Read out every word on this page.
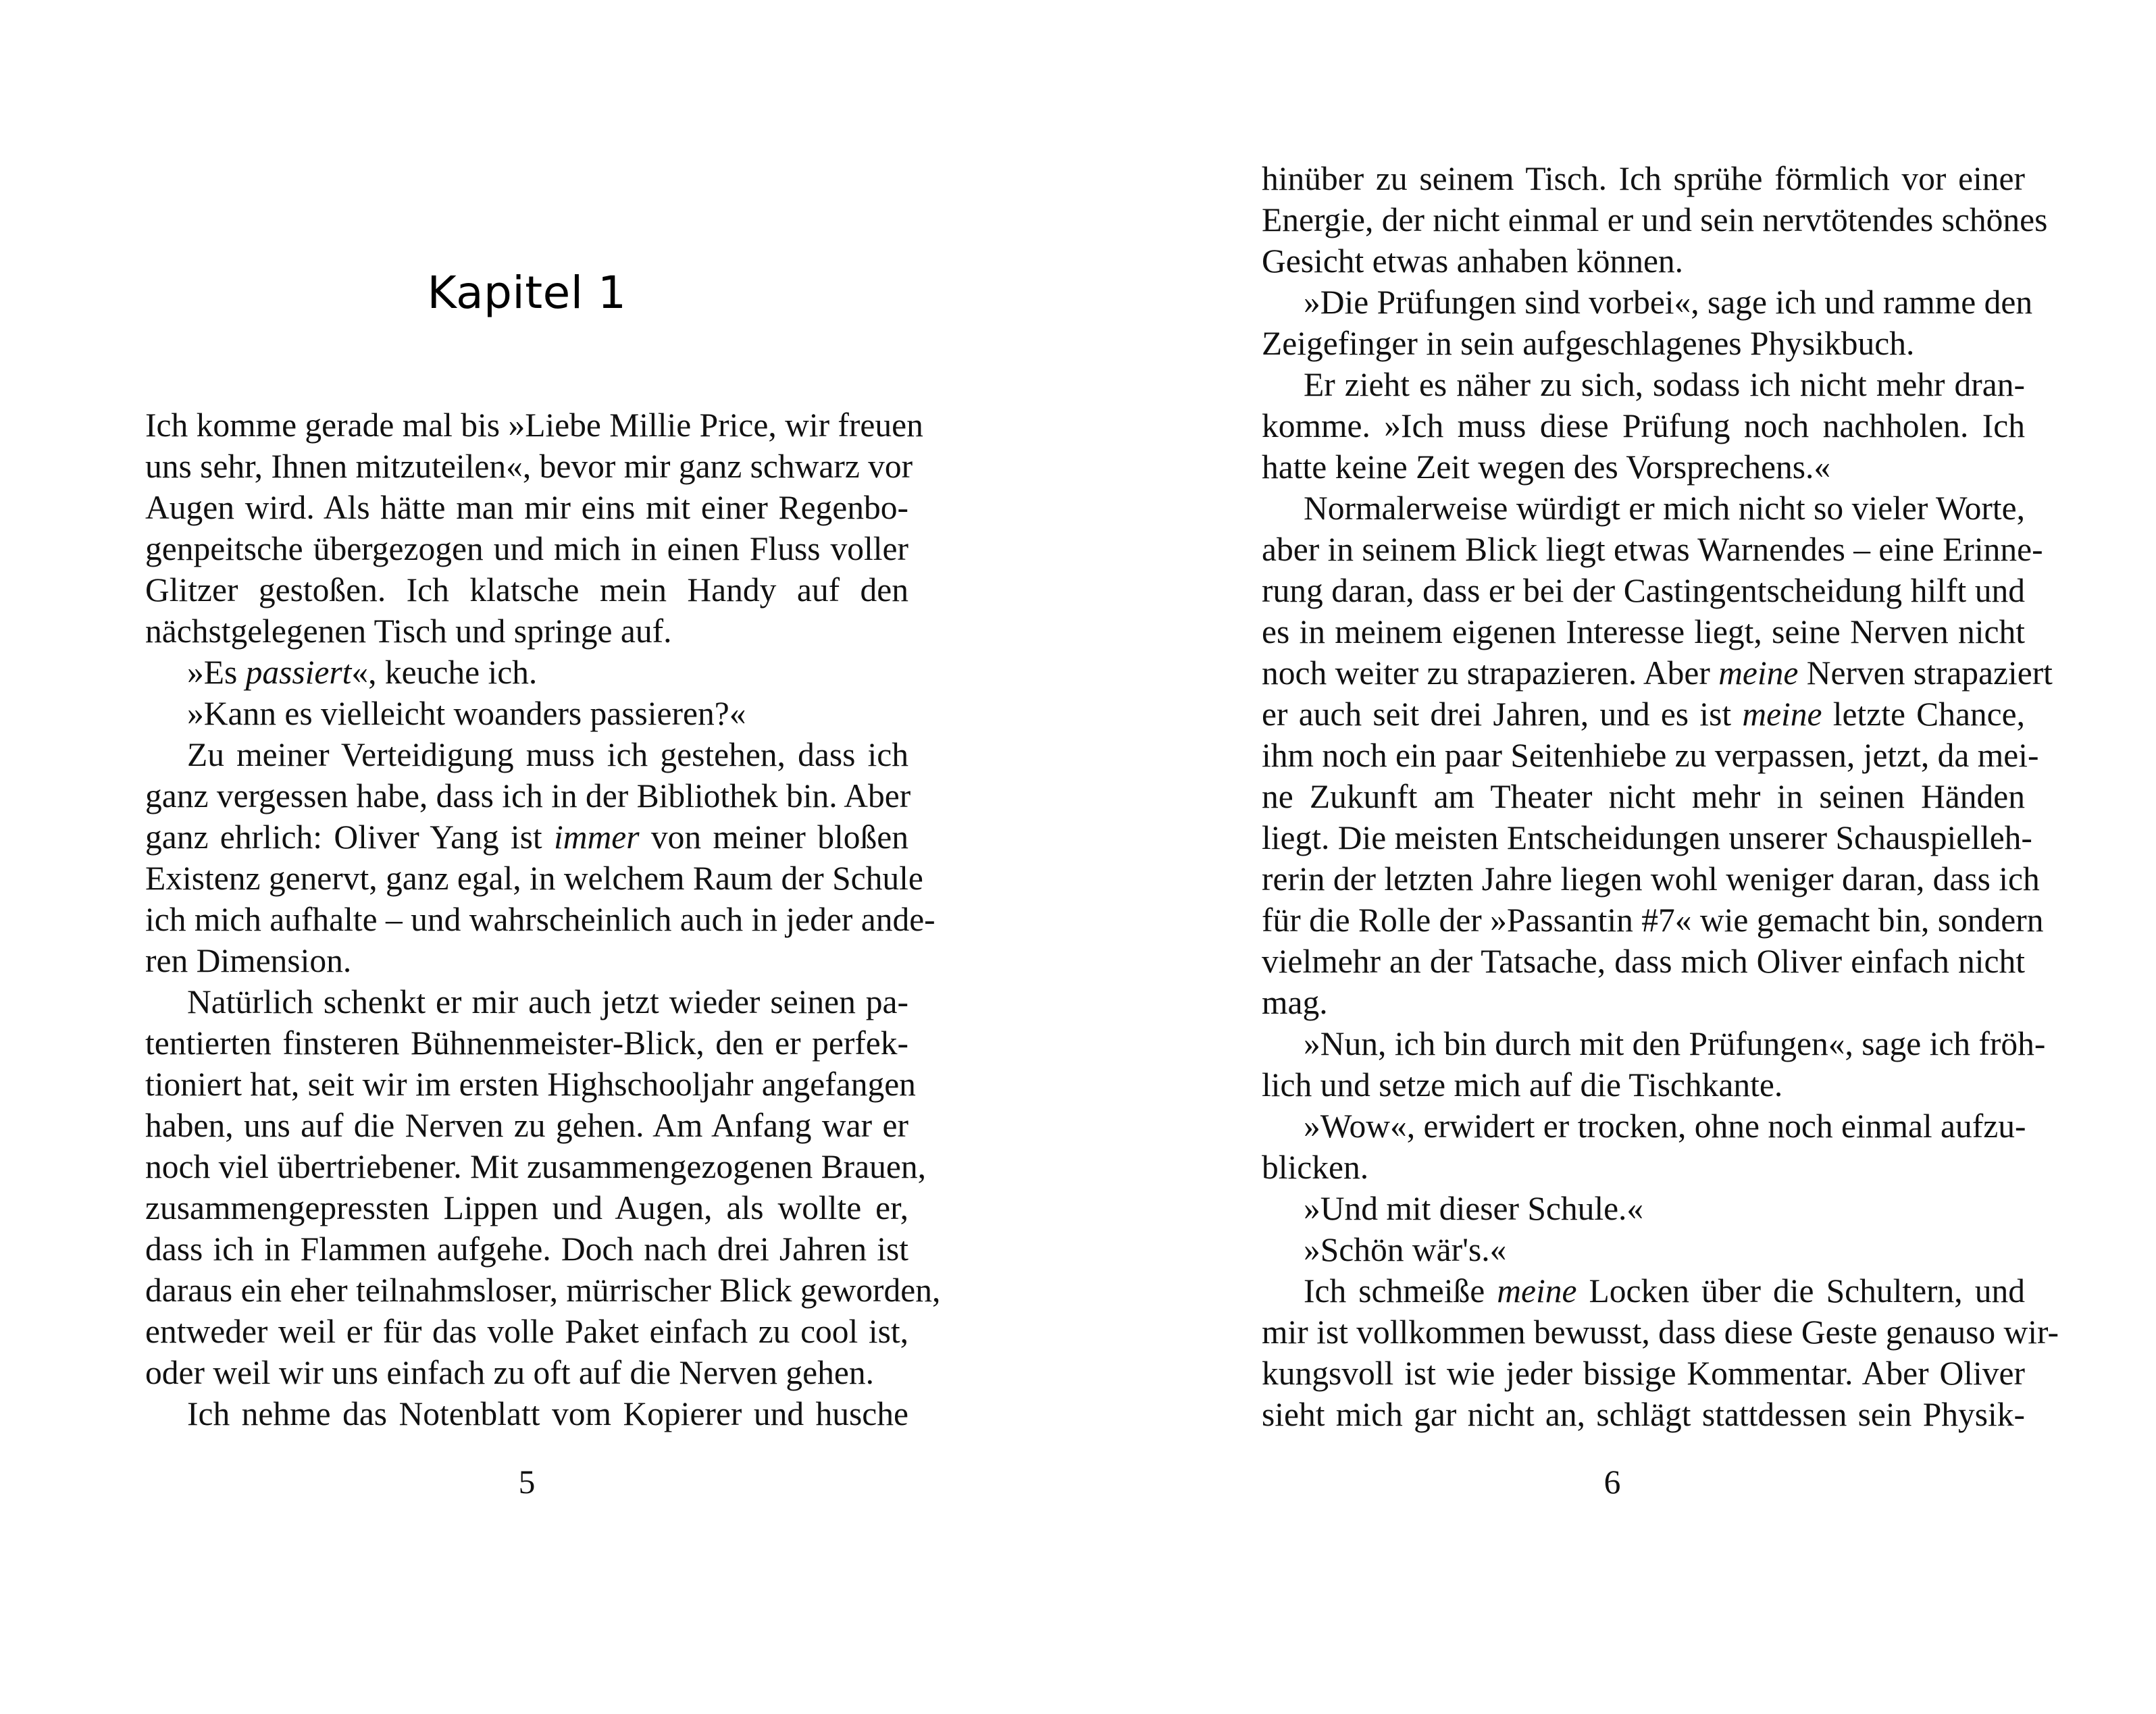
Kapitel 1
Ich komme gerade mal bis »Liebe Millie Price, wir freuen
uns sehr, Ihnen mitzuteilen«, bevor mir ganz schwarz vor
Augen wird. Als hätte man mir eins mit einer Regenbo-
genpeitsche übergezogen und mich in einen Fluss voller
Glitzer gestoßen. Ich klatsche mein Handy auf den
nächstgelegenen Tisch und springe auf.
»Es passiert«, keuche ich.
»Kann es vielleicht woanders passieren?«
Zu meiner Verteidigung muss ich gestehen, dass ich
ganz vergessen habe, dass ich in der Bibliothek bin. Aber
ganz ehrlich: Oliver Yang ist immer von meiner bloßen
Existenz genervt, ganz egal, in welchem Raum der Schule
ich mich aufhalte – und wahrscheinlich auch in jeder ande-
ren Dimension.
Natürlich schenkt er mir auch jetzt wieder seinen pa-
tentierten finsteren Bühnenmeister-Blick, den er perfek-
tioniert hat, seit wir im ersten Highschooljahr angefangen
haben, uns auf die Nerven zu gehen. Am Anfang war er
noch viel übertriebener. Mit zusammengezogenen Brauen,
zusammengepressten Lippen und Augen, als wollte er,
dass ich in Flammen aufgehe. Doch nach drei Jahren ist
daraus ein eher teilnahmsloser, mürrischer Blick geworden,
entweder weil er für das volle Paket einfach zu cool ist,
oder weil wir uns einfach zu oft auf die Nerven gehen.
Ich nehme das Notenblatt vom Kopierer und husche
5
hinüber zu seinem Tisch. Ich sprühe förmlich vor einer
Energie, der nicht einmal er und sein nervtötendes schönes
Gesicht etwas anhaben können.
»Die Prüfungen sind vorbei«, sage ich und ramme den
Zeigefinger in sein aufgeschlagenes Physikbuch.
Er zieht es näher zu sich, sodass ich nicht mehr dran-
komme. »Ich muss diese Prüfung noch nachholen. Ich
hatte keine Zeit wegen des Vorsprechens.«
Normalerweise würdigt er mich nicht so vieler Worte,
aber in seinem Blick liegt etwas Warnendes – eine Erinne-
rung daran, dass er bei der Castingentscheidung hilft und
es in meinem eigenen Interesse liegt, seine Nerven nicht
noch weiter zu strapazieren. Aber meine Nerven strapaziert
er auch seit drei Jahren, und es ist meine letzte Chance,
ihm noch ein paar Seitenhiebe zu verpassen, jetzt, da mei-
ne Zukunft am Theater nicht mehr in seinen Händen
liegt. Die meisten Entscheidungen unserer Schauspielleh-
rerin der letzten Jahre liegen wohl weniger daran, dass ich
für die Rolle der »Passantin #7« wie gemacht bin, sondern
vielmehr an der Tatsache, dass mich Oliver einfach nicht
mag.
»Nun, ich bin durch mit den Prüfungen«, sage ich fröh-
lich und setze mich auf die Tischkante.
»Wow«, erwidert er trocken, ohne noch einmal aufzu-
blicken.
»Und mit dieser Schule.«
»Schön wär's.«
Ich schmeiße meine Locken über die Schultern, und
mir ist vollkommen bewusst, dass diese Geste genauso wir-
kungsvoll ist wie jeder bissige Kommentar. Aber Oliver
sieht mich gar nicht an, schlägt stattdessen sein Physik-
6
